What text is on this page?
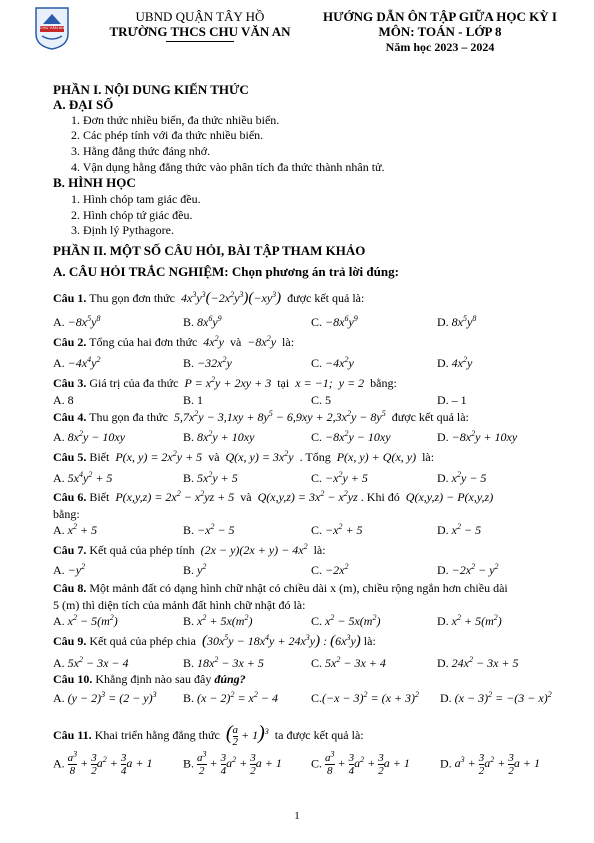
CHU VĂN AN
UBND QUẬN TÂY HỒ
TRƯỜNG THCS CHU VĂN AN
HƯỚNG DẪN ÔN TẬP GIỮA HỌC KỲ I
MÔN: TOÁN - LỚP 8
Năm học 2023 – 2024
PHẦN I. NỘI DUNG KIẾN THỨC
A. ĐẠI SỐ
1. Đơn thức nhiều biến, đa thức nhiều biến.
2. Các phép tính với đa thức nhiều biến.
3. Hằng đẳng thức đáng nhớ.
4. Vận dụng hằng đẳng thức vào phân tích đa thức thành nhân tử.
B. HÌNH HỌC
1. Hình chóp tam giác đều.
2. Hình chóp tứ giác đều.
3. Định lý Pythagore.
PHẦN II. MỘT SỐ CÂU HỎI, BÀI TẬP THAM KHẢO
A. CÂU HỎI TRẮC NGHIỆM: Chọn phương án trả lời đúng:
Câu 1. Thu gọn đơn thức  $4x^3y^3(-2x^2y^3)(-xy^3)$ được kết quả là:
A. $-8x^5y^8$	B. $8x^6y^9$	C. $-8x^6y^9$	D. $8x^5y^8$
Câu 2. Tổng của hai đơn thức  $4x^2y$  và  $-8x^2y$  là:
A. $-4x^4y^2$	B. $-32x^2y$	C. $-4x^2y$	D. $4x^2y$
Câu 3. Giá trị của đa thức  $P = x^2y + 2xy + 3$  tại  x = −1;  y = 2  bằng:
A. 8	B. 1	C. 5	D. – 1
Câu 4. Thu gọn đa thức  $5,7x^2y - 3,1xy + 8y^5 - 6,9xy + 2,3x^2y - 8y^5$ được kết quả là:
A. $8x^2y - 10xy$	B. $8x^2y + 10xy$	C. $-8x^2y - 10xy$	D. $-8x^2y + 10xy$
Câu 5. Biết  P(x, $y) = 2x^2y + 5$  và  Q(x, $y) = 3x^2y$  . Tổng  P(x, y) + Q(x, y)  là:
A. $5x^4y^2 + 5$	B. $5x^2y + 5$	C. $-x^2y + 5$	D. $x^2y - 5$
Câu 6. Biết  $P(x,y,z) = 2x^2 - x^2yz + 5$  và  $Q(x,y,z) = 3x^2 - x^2yz$ . Khi đó  Q(x,y,z) − P(x,y,z)
bằng:
A. $x^2 + 5$	B. $-x^2 - 5$	C. $-x^2 + 5$	D. $x^2 - 5$
Câu 7. Kết quả của phép tính  $(2x - y)(2x + y) - 4x^2$ là:
A. $-y^2$	B. $y^2$	C. $-2x^2$	D. $-2x^2 - y^2$
Câu 8. Một mảnh đất có dạng hình chữ nhật có chiều dài x (m), chiều rộng ngắn hơn chiều dài
5 (m) thì diện tích của mảnh đất hình chữ nhật đó là:
A. $x^2 - 5(m^2)$	B. $x^2 + 5x(m^2)$	C. $x^2 - 5x(m^2)$	D. $x^2 + 5(m^2)$
Câu 9. Kết quả của phép chia $(30x^5y - 18x^4y + 24x^3y)$ : $(6x^3y)$ là:
A. $5x^2 - 3x - 4$	B. $18x^2 - 3x + 5$	C. $5x^2 - 3x + 4$	D. $24x^2 - 3x + 5$
Câu 10. Khẳng định nào sau đây đúng?
A. $(y - 2)^3 = (2 - y)^3$ B. $(x - 2)^2 = x^2 - 4$	$C.(-x - 3)^2 = (x + 3)^2$ D. $(x - 3)^2 = -(3 - x)^2$
Câu 11. Khai triển hằng đẳng thức ( $\frac{a}{2} + 1)^3$ ta được kết quả là:
A. $\frac{a^3}{8} + \frac{3}{2} a^2 + \frac{3}{4}$ a + 1	B. $\frac{a^3}{2} + \frac{3}{4} a^2 + \frac{3}{2}$ a + 1 C. $\frac{a^3}{8} + \frac{3}{4} a^2 + \frac{3}{2}$ a + 1	D. $a^3 + \frac{3}{2} a^2 + \frac{3}{2}$ a + 1
1
